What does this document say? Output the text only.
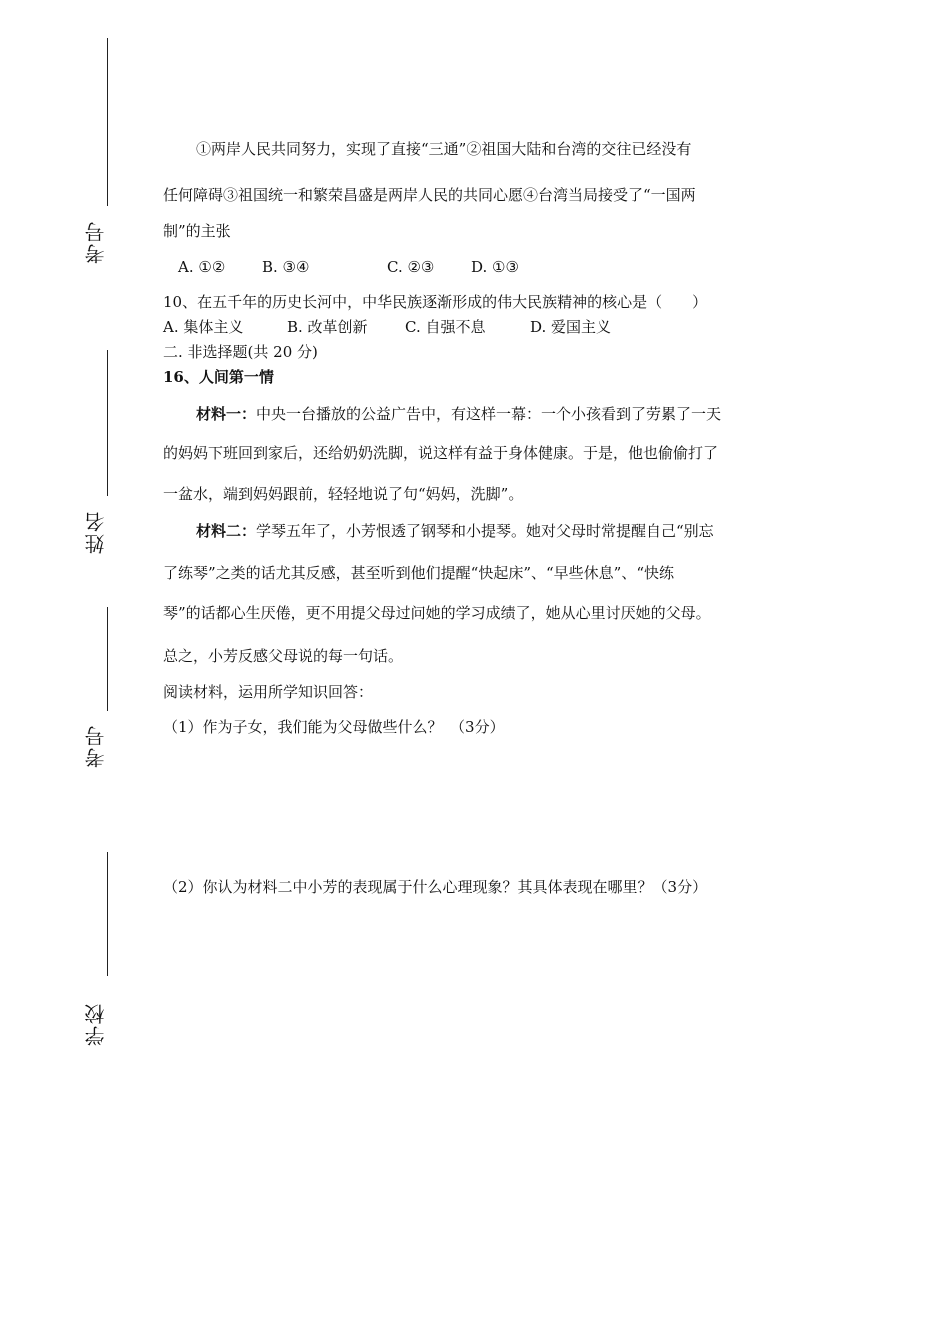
考号
姓名
考号
学校
①两岸人民共同努力，实现了直接“三通”②祖国大陆和台湾的交往已经没有
任何障碍③祖国统一和繁荣昌盛是两岸人民的共同心愿④台湾当局接受了“一国两
制”的主张
A. ①② B. ③④	C. ②③ D. ①③
10、在五千年的历史长河中，中华民族逐渐形成的伟大民族精神的核心是（　　）
A. 集体主义	B. 改革创新 C. 自强不息	D. 爱国主义
二. 非选择题(共 20 分)
16、人间第一情
材料一：中央一台播放的公益广告中，有这样一幕：一个小孩看到了劳累了一天
的妈妈下班回到家后，还给奶奶洗脚，说这样有益于身体健康。于是，他也偷偷打了
一盆水，端到妈妈跟前，轻轻地说了句“妈妈，洗脚”。
材料二：学琴五年了，小芳恨透了钢琴和小提琴。她对父母时常提醒自己“别忘
了练琴”之类的话尤其反感，甚至听到他们提醒“快起床”、“早些休息”、“快练
琴”的话都心生厌倦，更不用提父母过问她的学习成绩了，她从心里讨厌她的父母。
总之，小芳反感父母说的每一句话。
阅读材料，运用所学知识回答：
（1）作为子女，我们能为父母做些什么？　（3分）
（2）你认为材料二中小芳的表现属于什么心理现象？其具体表现在哪里？（3分）
